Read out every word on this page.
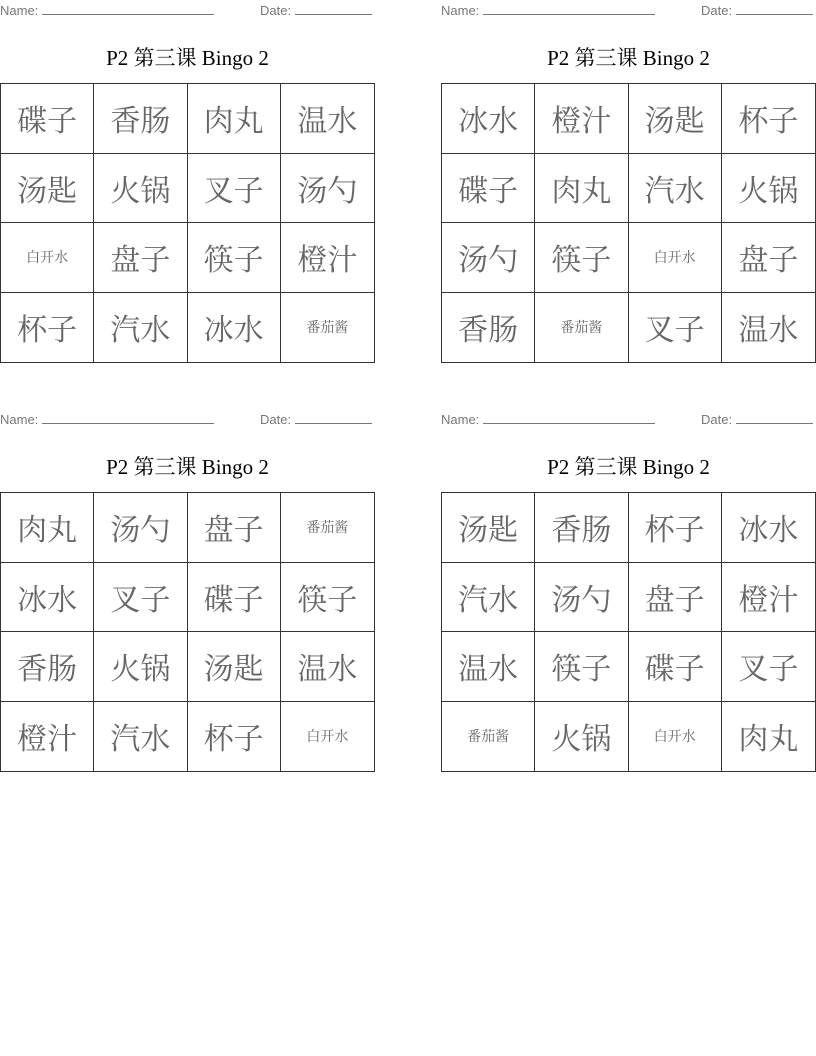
Name:	Date:
P2 第三课 Bingo 2
碟子	香肠	肉丸	温水
汤匙	火锅	叉子	汤勺
白开水	盘子	筷子	橙汁
杯子	汽水	冰水	番茄酱
Name:	Date:
P2 第三课 Bingo 2
冰水	橙汁	汤匙	杯子
碟子	肉丸	汽水	火锅
汤勺	筷子	白开水	盘子
香肠	番茄酱	叉子	温水
Name:	Date:
P2 第三课 Bingo 2
肉丸	汤勺	盘子	番茄酱
冰水	叉子	碟子	筷子
香肠	火锅	汤匙	温水
橙汁	汽水	杯子	白开水
Name:	Date:
P2 第三课 Bingo 2
汤匙	香肠	杯子	冰水
汽水	汤勺	盘子	橙汁
温水	筷子	碟子	叉子
番茄酱	火锅	白开水	肉丸
